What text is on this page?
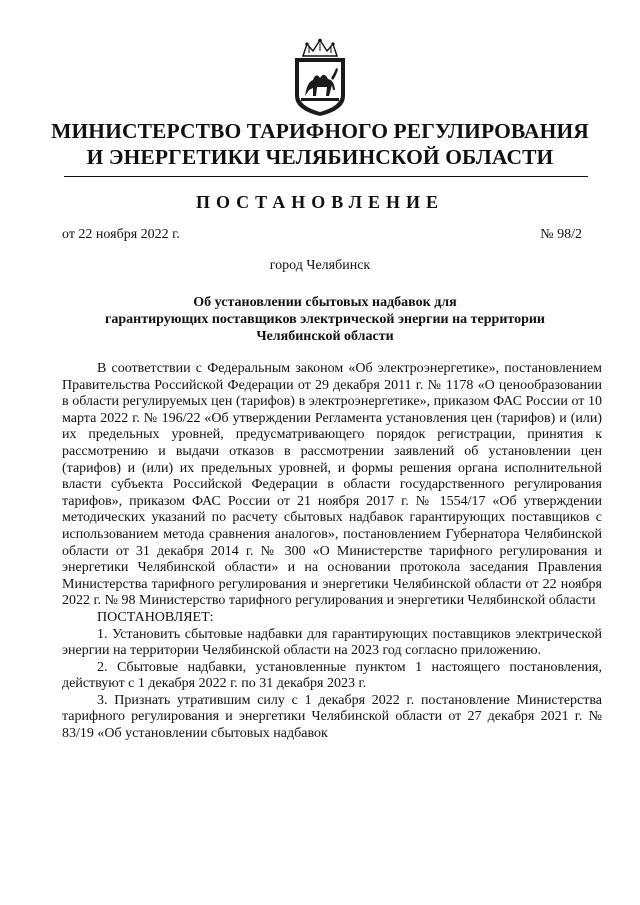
МИНИСТЕРСТВО ТАРИФНОГО РЕГУЛИРОВАНИЯ
И ЭНЕРГЕТИКИ ЧЕЛЯБИНСКОЙ ОБЛАСТИ
ПОСТАНОВЛЕНИЕ
от 22 ноября 2022 г.	№ 98/2
город Челябинск
Об установлении сбытовых надбавок для
гарантирующих поставщиков электрической энергии на территории
Челябинской области

В соответствии с Федеральным законом «Об электроэнергетике», постановлением Правительства Российской Федерации от 29 декабря 2011 г. № 1178 «О ценообразовании в области регулируемых цен (тарифов) в электроэнергетике», приказом ФАС России от 10 марта 2022 г. № 196/22 «Об утверждении Регламента установления цен (тарифов) и (или) их предельных уровней, предусматривающего порядок регистрации, принятия к рассмотрению и выдачи отказов в рассмотрении заявлений об установлении цен (тарифов) и (или) их предельных уровней, и формы решения органа исполнительной власти субъекта Российской Федерации в области государственного регулирования тарифов», приказом ФАС России от 21 ноября 2017 г. № 1554/17 «Об утверждении методических указаний по расчету сбытовых надбавок гарантирующих поставщиков с использованием метода сравнения аналогов», постановлением Губернатора Челябинской области от 31 декабря 2014 г. № 300 «О Министерстве тарифного регулирования и энергетики Челябинской области» и на основании протокола заседания Правления Министерства тарифного регулирования и энергетики Челябинской области от 22 ноября 2022 г. № 98 Министерство тарифного регулирования и энергетики Челябинской области

ПОСТАНОВЛЯЕТ:

1. Установить сбытовые надбавки для гарантирующих поставщиков электрической энергии на территории Челябинской области на 2023 год согласно приложению.

2. Сбытовые надбавки, установленные пунктом 1 настоящего постановления, действуют с 1 декабря 2022 г. по 31 декабря 2023 г.

3. Признать утратившим силу с 1 декабря 2022 г. постановление Министерства тарифного регулирования и энергетики Челябинской области от 27 декабря 2021 г. № 83/19 «Об установлении сбытовых надбавок
